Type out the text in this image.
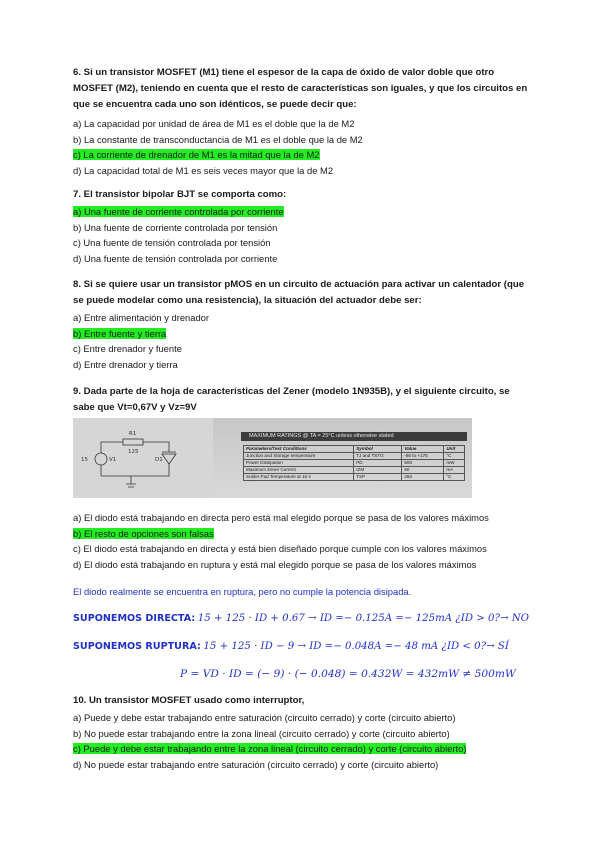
6. Si un transistor MOSFET (M1) tiene el espesor de la capa de óxido de valor doble que otro
MOSFET (M2), teniendo en cuenta que el resto de características son iguales, y que los circuitos en
que se encuentra cada uno son idénticos, se puede decir que:
a) La capacidad por unidad de área de M1 es el doble que la de M2
b) La constante de transconductancia de M1 es el doble que la de M2
c) La corriente de drenador de M1 es la mitad que la de M2
d) La capacidad total de M1 es seis veces mayor que la de M2
7. El transistor bipolar BJT se comporta como:
a) Una fuente de corriente controlada por corriente
b) Una fuente de corriente controlada por tensión
c) Una fuente de tensión controlada por tensión
d) Una fuente de tensión controlada por corriente
8. Si se quiere usar un transistor pMOS en un circuito de actuación para activar un calentador (que
se puede modelar como una resistencia), la situación del actuador debe ser:
a) Entre alimentación y drenador
b) Entre fuente y tierra
c) Entre drenador y fuente
d) Entre drenador y tierra
9. Dada parte de la hoja de características del Zener (modelo 1N935B), y el siguiente circuito, se
sabe que Vt=0,67V y Vz=9V
R1
125
15	V1	D1
MAXIMUM RATINGS @ TA = 25°C unless otherwise stated
Parameters/Test Conditions	Symbol	Value	Unit
Junction and Storage temperature	TJ and TSTG	-65 to +175	°C
Power Dissipation	PD	500	mW
Maximum Zener Current	IZM	50	mA
Solder Pad Temperature at 10 s	TSP	260	°C
a) El diodo está trabajando en directa pero está mal elegido porque se pasa de los valores máximos
b) El resto de opciones son falsas
c) El diodo está trabajando en directa y está bien diseñado porque cumple con los valores máximos
d) El diodo está trabajando en ruptura y está mal elegido porque se pasa de los valores máximos
El diodo realmente se encuentra en ruptura, pero no cumple la potencia disipada.
SUPONEMOS DIRECTA: 15 + 125 · ID + 0.67 → ID =− 0.125A =− 125mA ¿ID > 0?→ NO
SUPONEMOS RUPTURA: 15 + 125 · ID − 9 → ID =− 0.048A =− 48 mA ¿ID < 0?→ SÍ
P = VD · ID = (− 9) · (− 0.048) = 0.432W = 432mW ≠ 500mW
10. Un transistor MOSFET usado como interruptor,
a) Puede y debe estar trabajando entre saturación (circuito cerrado) y corte (circuito abierto)
b) No puede estar trabajando entre la zona lineal (circuito cerrado) y corte (circuito abierto)
c) Puede y debe estar trabajando entre la zona lineal (circuito cerrado) y corte (circuito abierto)
d) No puede estar trabajando entre saturación (circuito cerrado) y corte (circuito abierto)
